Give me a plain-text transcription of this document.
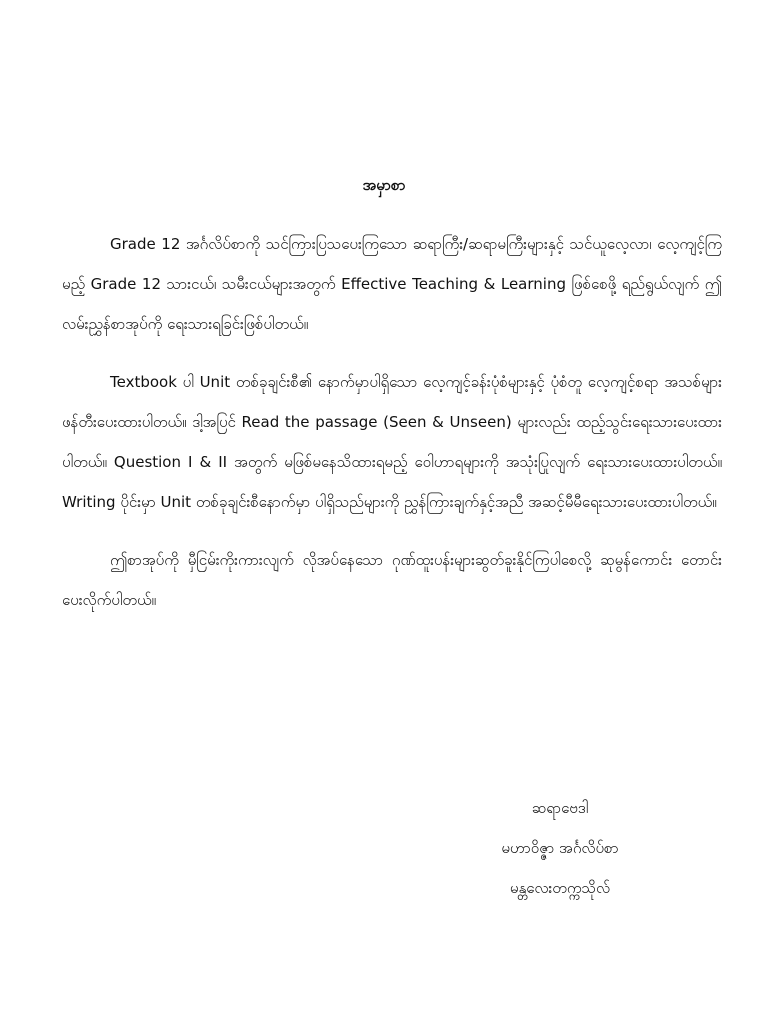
အမှာစာ

Grade 12 အင်္ဂလိပ်စာကို သင်ကြားပြသပေးကြသော ဆရာကြီး/ဆရာမကြီးများနှင့် သင်ယူလေ့လာ၊ လေ့ကျင့်ကြမည့် Grade 12 သားငယ်၊ သမီးငယ်များအတွက် Effective Teaching & Learning ဖြစ်စေဖို့ ရည်ရွယ်လျက် ဤလမ်းညွှန်စာအုပ်ကို ရေးသားရခြင်းဖြစ်ပါတယ်။

Textbook ပါ Unit တစ်ခုချင်းစီ၏ နောက်မှာပါရှိသော လေ့ကျင့်ခန်းပုံစံများနှင့် ပုံစံတူ လေ့ကျင့်စရာ အသစ်များဖန်တီးပေးထားပါတယ်။ ဒါ့အပြင် Read the passage (Seen & Unseen) များလည်း ထည့်သွင်းရေးသားပေးထားပါတယ်။ Question I & II အတွက် မဖြစ်မနေသိထားရမည့် ဝေါဟာရများကို အသုံးပြုလျက် ရေးသားပေးထားပါတယ်။ Writing ပိုင်းမှာ Unit တစ်ခုချင်းစီနောက်မှာ ပါရှိသည်များကို ညွှန်ကြားချက်နှင့်အညီ အဆင့်မီမီရေးသားပေးထားပါတယ်။

ဤစာအုပ်ကို မှီငြမ်းကိုးကားလျက် လိုအပ်နေသော ဂုဏ်ထူးပန်းများဆွတ်ခူးနိုင်ကြပါစေလို့ ဆုမွန်ကောင်း တောင်းပေးလိုက်ပါတယ်။

ဆရာဗေဒါ
မဟာဝိဇ္ဇာ အင်္ဂလိပ်စာ
မန္တလေးတက္ကသိုလ်
